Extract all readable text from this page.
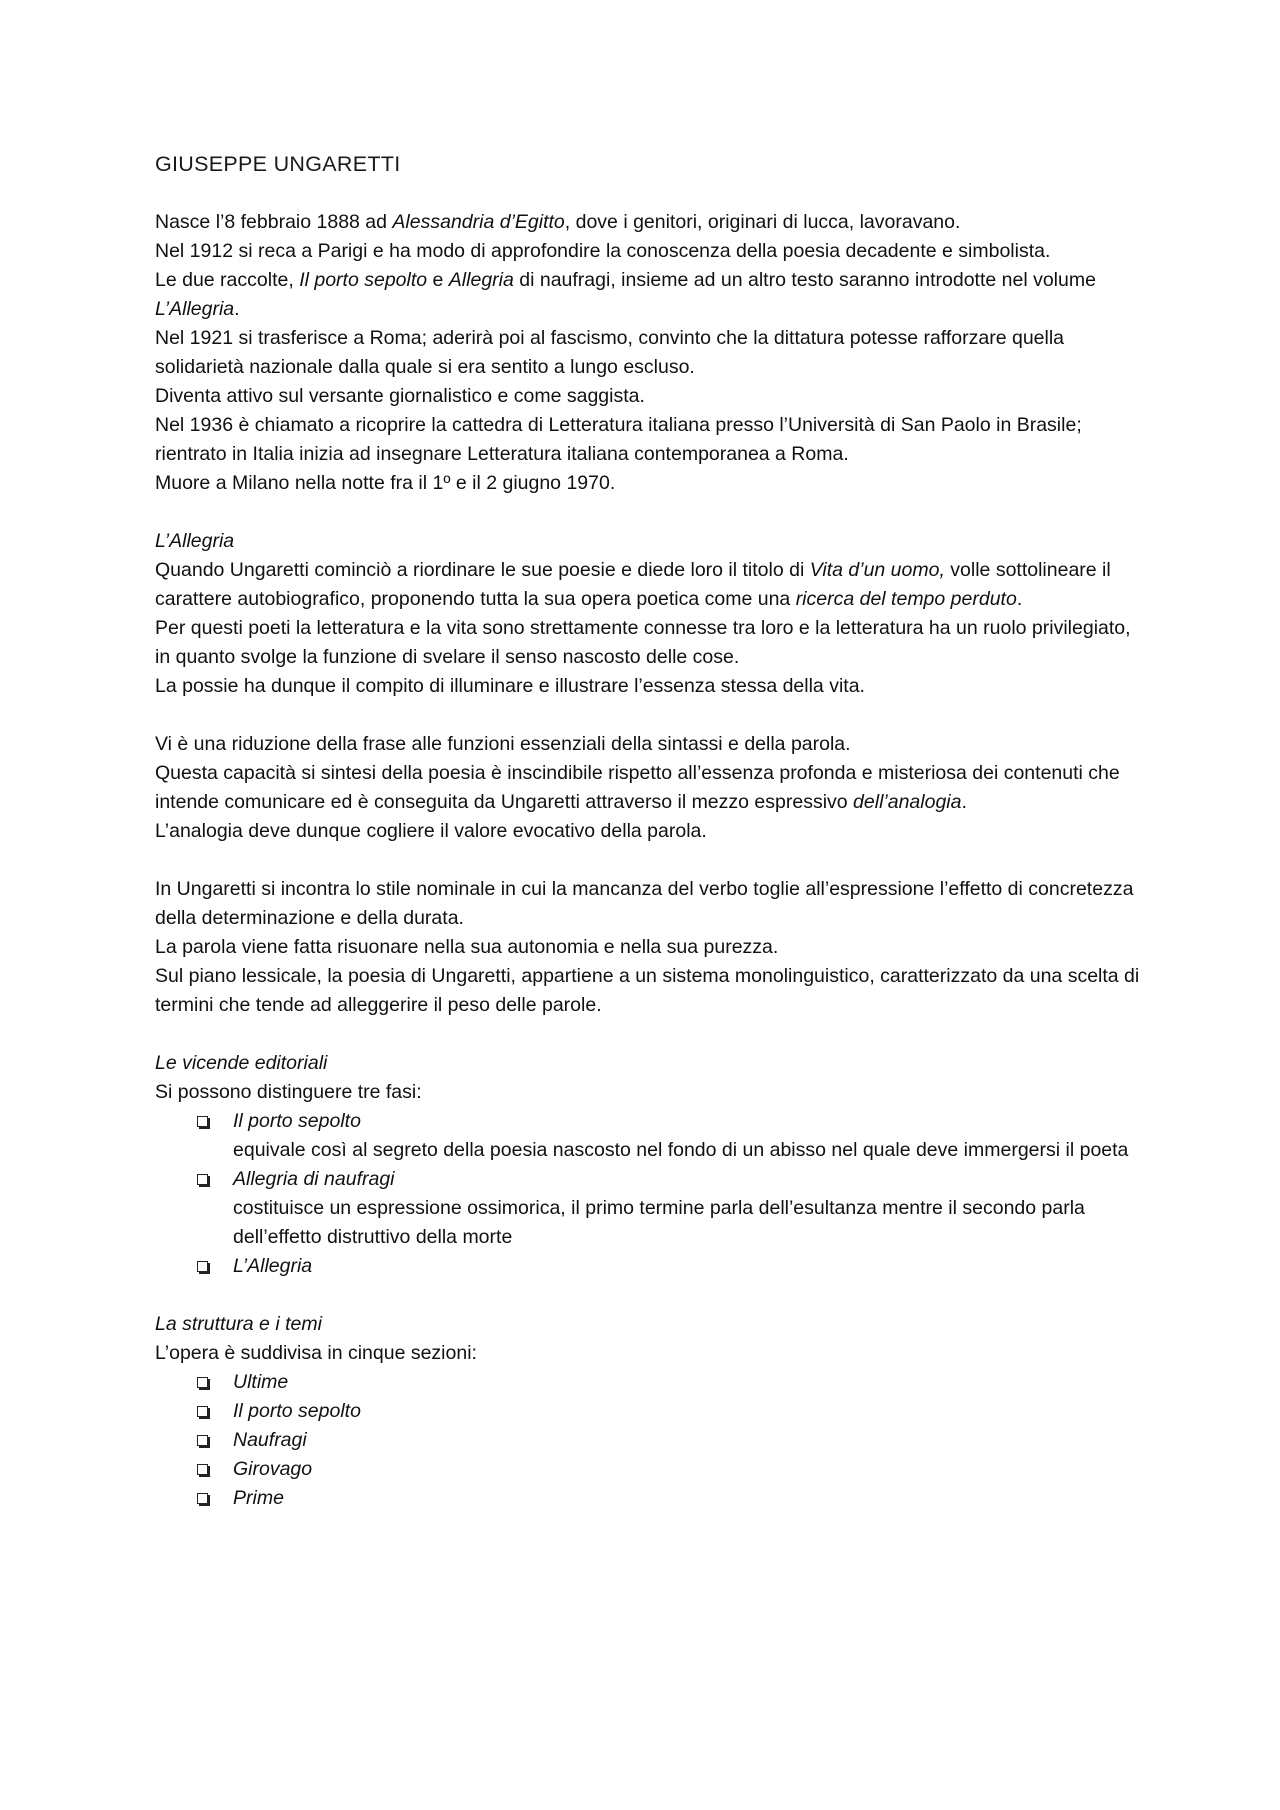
GIUSEPPE UNGARETTI

Nasce l’8 febbraio 1888 ad Alessandria d’Egitto, dove i genitori, originari di lucca, lavoravano.

Nel 1912 si reca a Parigi e ha modo di approfondire la conoscenza della poesia decadente e simbolista.

Le due raccolte, Il porto sepolto e Allegria di naufragi, insieme ad un altro testo saranno introdotte nel volume L’Allegria.

Nel 1921 si trasferisce a Roma; aderirà poi al fascismo, convinto che la dittatura potesse rafforzare quella solidarietà nazionale dalla quale si era sentito a lungo escluso.

Diventa attivo sul versante giornalistico e come saggista.

Nel 1936 è chiamato a ricoprire la cattedra di Letteratura italiana presso l’Università di San Paolo in Brasile; rientrato in Italia inizia ad insegnare Letteratura italiana contemporanea a Roma.

Muore a Milano nella notte fra il 1º e il 2 giugno 1970.

L’Allegria

Quando Ungaretti cominciò a riordinare le sue poesie e diede loro il titolo di Vita d’un uomo, volle sottolineare il carattere autobiografico, proponendo tutta la sua opera poetica come una ricerca del tempo perduto.

Per questi poeti la letteratura e la vita sono strettamente connesse tra loro e la letteratura ha un ruolo privilegiato, in quanto svolge la funzione di svelare il senso nascosto delle cose.

La possie ha dunque il compito di illuminare e illustrare l’essenza stessa della vita.

Vi è una riduzione della frase alle funzioni essenziali della sintassi e della parola.

Questa capacità si sintesi della poesia è inscindibile rispetto all’essenza profonda e misteriosa dei contenuti che intende comunicare ed è conseguita da Ungaretti attraverso il mezzo espressivo dell’analogia.

L’analogia deve dunque cogliere il valore evocativo della parola.

In Ungaretti si incontra lo stile nominale in cui la mancanza del verbo toglie all’espressione l’effetto di concretezza della determinazione e della durata.

La parola viene fatta risuonare nella sua autonomia e nella sua purezza.

Sul piano lessicale, la poesia di Ungaretti, appartiene a un sistema monolinguistico, caratterizzato da una scelta di termini che tende ad alleggerire il peso delle parole.

Le vicende editoriali

Si possono distinguere tre fasi:

Il porto sepolto
equivale così al segreto della poesia nascosto nel fondo di un abisso nel quale deve immergersi il poeta
Allegria di naufragi
costituisce un espressione ossimorica, il primo termine parla dell’esultanza mentre il secondo parla dell’effetto distruttivo della morte
L’Allegria

La struttura e i temi

L’opera è suddivisa in cinque sezioni:

Ultime
Il porto sepolto
Naufragi
Girovago
Prime
